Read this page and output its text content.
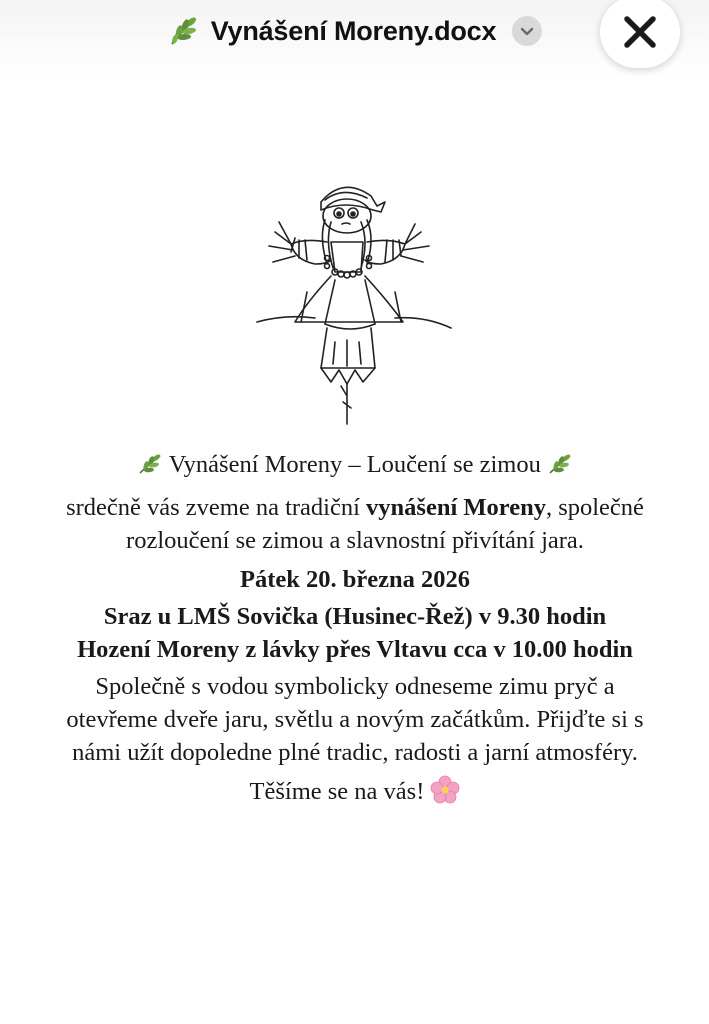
Vynášení Moreny.docx

Vynášení Moreny – Loučení se zimou

srdečně vás zveme na tradiční vynášení Moreny, společné rozloučení se zimou a slavnostní přivítání jara.

Pátek 20. března 2026

Sraz u LMŠ Sovička (Husinec-Řež) v 9.30 hodin

Hození Moreny z lávky přes Vltavu cca v 10.00 hodin

Společně s vodou symbolicky odneseme zimu pryč a otevřeme dveře jaru, světlu a novým začátkům. Přijďte si s námi užít dopoledne plné tradic, radosti a jarní atmosféry.

Těšíme se na vás!
